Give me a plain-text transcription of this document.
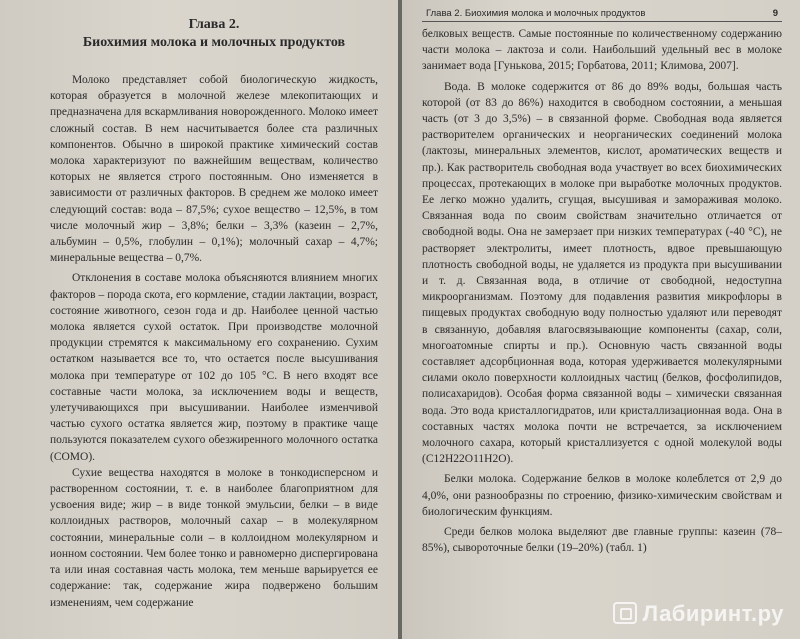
Глава 2.
Биохимия молока и молочных продуктов

Молоко представляет собой биологическую жидкость, которая образуется в молочной железе млекопитающих и предназначена для вскармливания новорожденного. Молоко имеет сложный состав. В нем насчитывается более ста различных компонентов. Обычно в широкой практике химический состав молока характеризуют по важнейшим веществам, количество которых не является строго постоянным. Оно изменяется в зависимости от различных факторов. В среднем же молоко имеет следующий состав: вода – 87,5%; сухое вещество – 12,5%, в том числе молочный жир – 3,8%; белки – 3,3% (казеин – 2,7%, альбумин – 0,5%, глобулин – 0,1%); молочный сахар – 4,7%; минеральные вещества – 0,7%.

Отклонения в составе молока объясняются влиянием многих факторов – порода скота, его кормление, стадии лактации, возраст, состояние животного, сезон года и др. Наиболее ценной частью молока является сухой остаток. При производстве молочной продукции стремятся к максимальному его сохранению. Сухим остатком называется все то, что остается после высушивания молока при температуре от 102 до 105 °С. В него входят все составные части молока, за исключением воды и веществ, улетучивающихся при высушивании. Наиболее изменчивой частью сухого остатка является жир, поэтому в практике чаще пользуются показателем сухого обезжиренного молочного остатка (СОМО).

Сухие вещества находятся в молоке в тонкодисперсном и растворенном состоянии, т. е. в наиболее благоприятном для усвоения виде; жир – в виде тонкой эмульсии, белки – в виде коллоидных растворов, молочный сахар – в молекулярном состоянии, минеральные соли – в коллоидном молекулярном и ионном состоянии. Чем более тонко и равномерно диспергирована та или иная составная часть молока, тем меньше варьируется ее содержание: так, содержание жира подвержено большим изменениям, чем содержание

Глава 2. Биохимия молока и молочных продуктов	9

белковых веществ. Самые постоянные по количественному содержанию части молока – лактоза и соли. Наибольший удельный вес в молоке занимает вода [Гунькова, 2015; Горбатова, 2011; Климова, 2007].

Вода. В молоке содержится от 86 до 89% воды, большая часть которой (от 83 до 86%) находится в свободном состоянии, а меньшая часть (от 3 до 3,5%) – в связанной форме. Свободная вода является растворителем органических и неорганических соединений молока (лактозы, минеральных элементов, кислот, ароматических веществ и пр.). Как растворитель свободная вода участвует во всех биохимических процессах, протекающих в молоке при выработке молочных продуктов. Ее легко можно удалить, сгущая, высушивая и замораживая молоко. Связанная вода по своим свойствам значительно отличается от свободной воды. Она не замерзает при низких температурах (-40 °С), не растворяет электролиты, имеет плотность, вдвое превышающую плотность свободной воды, не удаляется из продукта при высушивании и т. д. Связанная вода, в отличие от свободной, недоступна микроорганизмам. Поэтому для подавления развития микрофлоры в пищевых продуктах свободную воду полностью удаляют или переводят в связанную, добавляя влагосвязывающие компоненты (сахар, соли, многоатомные спирты и пр.). Основную часть связанной воды составляет адсорбционная вода, которая удерживается молекулярными силами около поверхности коллоидных частиц (белков, фосфолипидов, полисахаридов). Особая форма связанной воды – химически связанная вода. Это вода кристаллогидратов, или кристаллизационная вода. Она в составных частях молока почти не встречается, за исключением молочного сахара, который кристаллизуется с одной молекулой воды (C12H22O11H2O).

Белки молока. Содержание белков в молоке колеблется от 2,9 до 4,0%, они разнообразны по строению, физико-химическим свойствам и биологическим функциям.

Среди белков молока выделяют две главные группы: казеин (78–85%), сывороточные белки (19–20%) (табл. 1)

Лабиринт.ру
